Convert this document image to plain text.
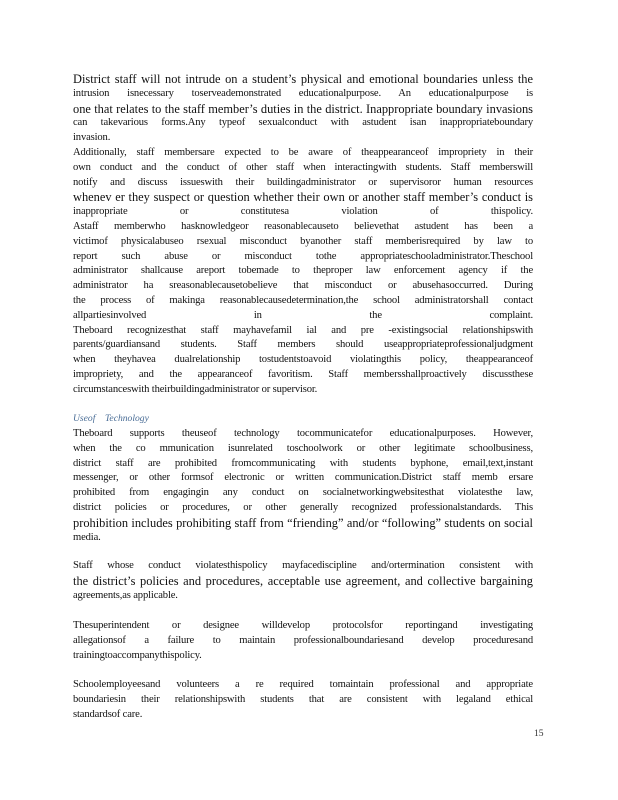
District staff will not intrude on a student’s physical and emotional boundaries unless the
intrusion isnecessary toserveademonstrated educationalpurpose. An educationalpurpose is
one that relates to the staff member’s duties in the district. Inappropriate boundary invasions
can takevarious forms.Any typeof sexualconduct with astudent isan inappropriateboundary
invasion.
Additionally, staff membersare expected to be aware of theappearanceof impropriety in their
own conduct and the conduct of other staff when interactingwith students. Staff memberswill
notify and discuss issueswith their buildingadministrator or supervisoror human resources
whenev er they suspect or question whether their own or another staff member’s conduct is
inappropriate or constitutesa violation of thispolicy.
Astaff memberwho hasknowledgeor reasonablecauseto believethat astudent has been a
victimof physicalabuseo rsexual misconduct byanother staff memberisrequired by law to
report such abuse or misconduct tothe appropriateschooladministrator.Theschool
administrator shallcause areport tobemade to theproper law enforcement agency if the
administrator ha sreasonablecausetobelieve that misconduct or abusehasoccurred. During
the process of makinga reasonablecausedetermination,the school administratorshall contact
allpartiesinvolved in the complaint.
Theboard recognizesthat staff mayhavefamil ial and pre -existingsocial relationshipswith
parents/guardiansand students. Staff members should useappropriateprofessionaljudgment
when theyhavea dualrelationship tostudentstoavoid violatingthis policy, theappearanceof
impropriety, and the appearanceof favoritism. Staff membersshallproactively discussthese
circumstanceswith theirbuildingadministrator or supervisor.
Useof    Technology
Theboard supports theuseof technology tocommunicatefor educationalpurposes. However,
when the co mmunication isunrelated toschoolwork or other legitimate schoolbusiness,
district staff are prohibited fromcommunicating with students byphone, email,text,instant
messenger, or other formsof electronic or written communication.District staff memb ersare
prohibited from engagingin any conduct on socialnetworkingwebsitesthat violatesthe law,
district policies or procedures, or other generally recognized professionalstandards. This
prohibition includes prohibiting staff from “friending” and/or “following” students on social
media.
Staff whose conduct violatesthispolicy mayfacediscipline and/ortermination consistent with
the district’s policies and procedures, acceptable use agreement, and collective bargaining
agreements,as applicable.
Thesuperintendent or designee willdevelop protocolsfor reportingand investigating
allegationsof a failure to maintain professionalboundariesand develop proceduresand
trainingtoaccompanythispolicy.
Schoolemployeesand volunteers a re required tomaintain professional and appropriate
boundariesin their relationshipswith students that are consistent with legaland ethical
standardsof care.
15
